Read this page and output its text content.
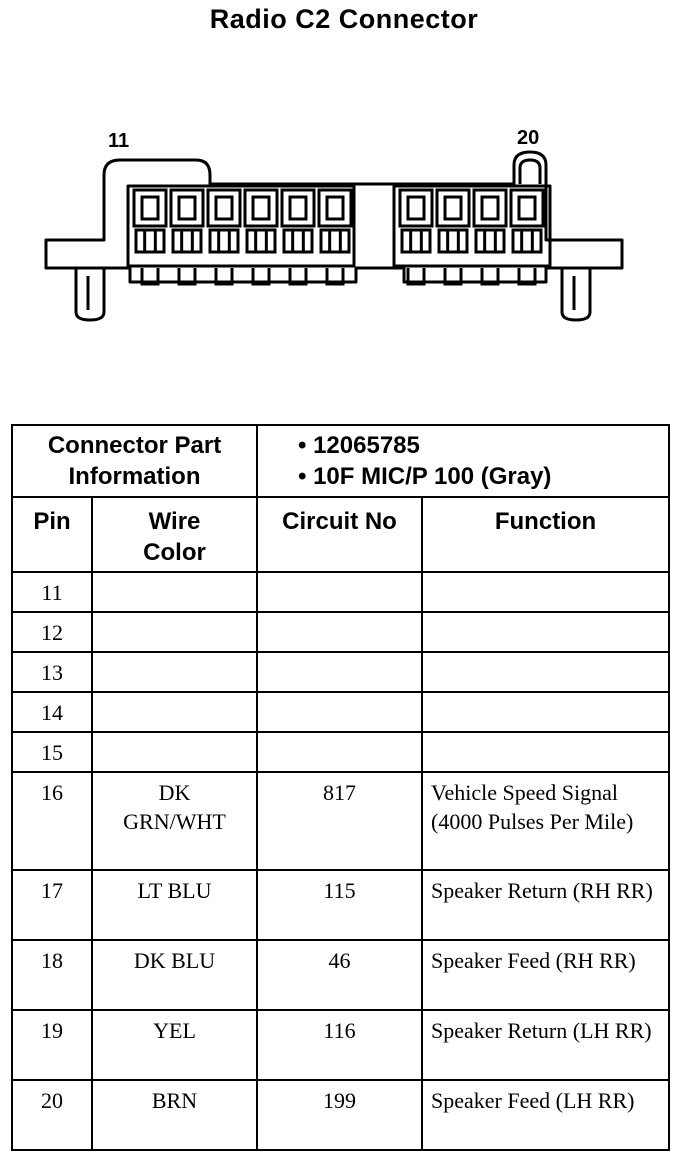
Radio C2 Connector
11	20
Connector Part Information		• 12065785
• 10F MIC/P 100 (Gray)	

Pin	Wire Color	Circuit No	Function

11			

12			

13			

14			

15			

16	DK GRN/WHT	817	Vehicle Speed Signal (4000 Pulses Per Mile)

17	LT BLU	115	Speaker Return (RH RR)

18	DK BLU	46	Speaker Feed (RH RR)

19	YEL	116	Speaker Return (LH RR)

20	BRN	199	Speaker Feed (LH RR)
